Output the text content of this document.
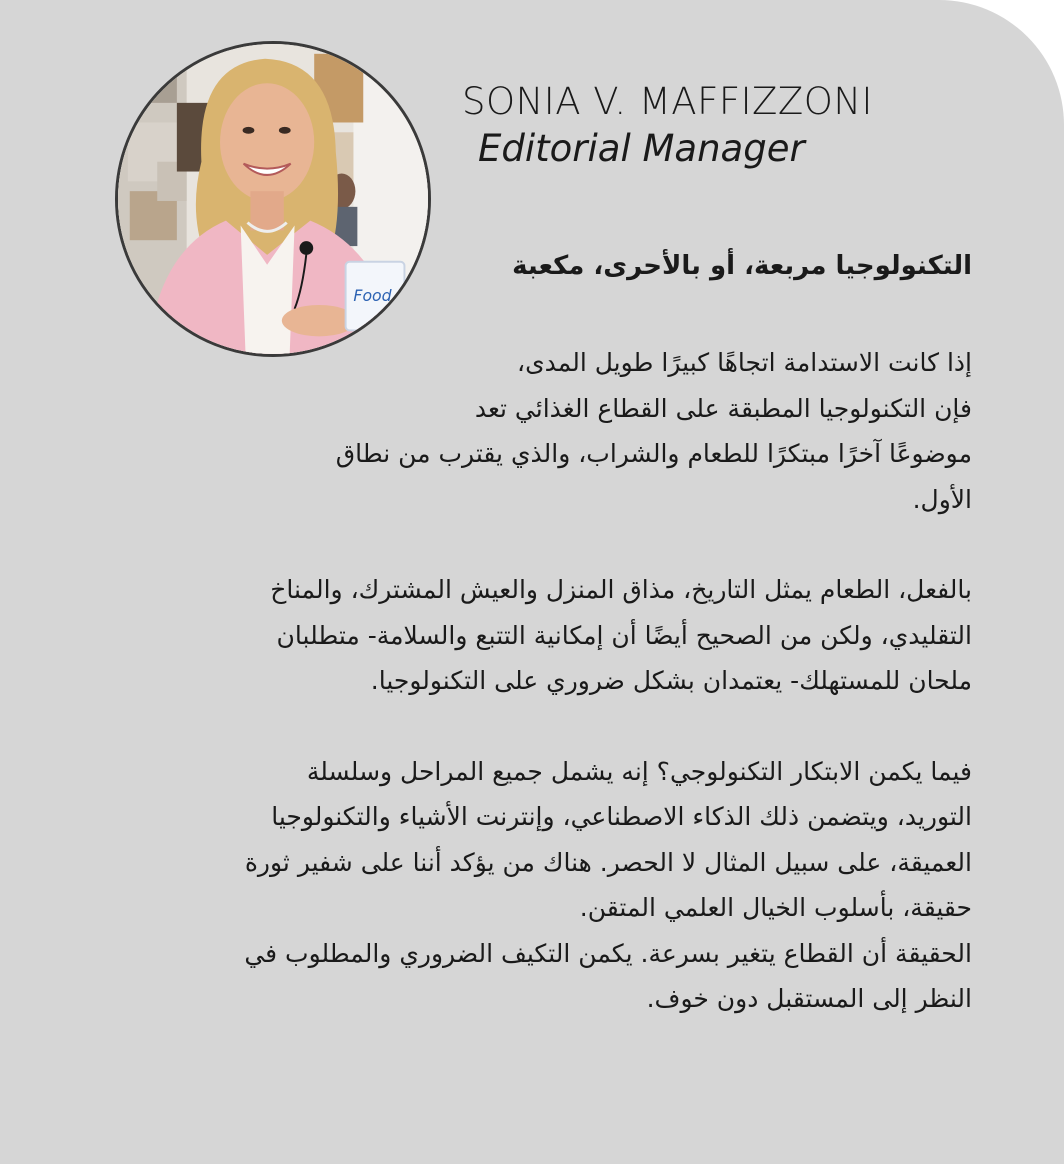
Food
SONIA V. MAFFIZZONI
Editorial Manager
التكنولوجيا مربعة، أو بالأحرى، مكعبة
إذا كانت الاستدامة اتجاهًا كبيرًا طويل المدى،
فإن التكنولوجيا المطبقة على القطاع الغذائي تعد
موضوعًا آخرًا مبتكرًا للطعام والشراب، والذي يقترب من نطاق
الأول.
بالفعل، الطعام يمثل التاريخ، مذاق المنزل والعيش المشترك، والمناخ
التقليدي، ولكن من الصحيح أيضًا أن إمكانية التتبع والسلامة- متطلبان
ملحان للمستهلك- يعتمدان بشكل ضروري على التكنولوجيا.
فيما يكمن الابتكار التكنولوجي؟ إنه يشمل جميع المراحل وسلسلة
التوريد، ويتضمن ذلك الذكاء الاصطناعي، وإنترنت الأشياء والتكنولوجيا
العميقة، على سبيل المثال لا الحصر. هناك من يؤكد أننا على شفير ثورة
حقيقة، بأسلوب الخيال العلمي المتقن.
الحقيقة أن القطاع يتغير بسرعة. يكمن التكيف الضروري والمطلوب في
النظر إلى المستقبل دون خوف.
